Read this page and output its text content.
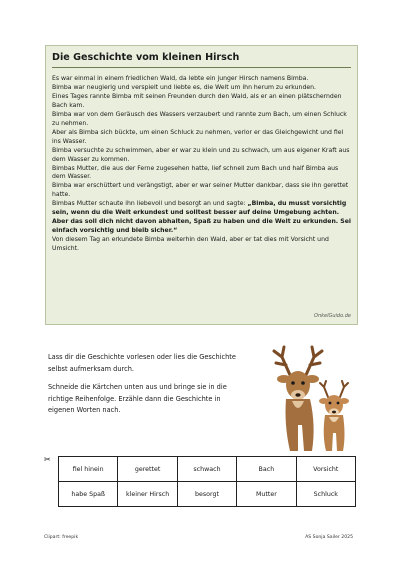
Die Geschichte vom kleinen Hirsch

Es war einmal in einem friedlichen Wald, da lebte ein junger Hirsch namens Bimba.

Bimba war neugierig und verspielt und liebte es, die Welt um ihn herum zu erkunden.

Eines Tages rannte Bimba mit seinen Freunden durch den Wald, als er an einen plätschernden Bach kam.

Bimba war von dem Geräusch des Wassers verzaubert und rannte zum Bach, um einen Schluck zu nehmen.

Aber als Bimba sich bückte, um einen Schluck zu nehmen, verlor er das Gleichgewicht und fiel ins Wasser.

Bimba versuchte zu schwimmen, aber er war zu klein und zu schwach, um aus eigener Kraft aus dem Wasser zu kommen.

Bimbas Mutter, die aus der Ferne zugesehen hatte, lief schnell zum Bach und half Bimba aus dem Wasser.

Bimba war erschüttert und verängstigt, aber er war seiner Mutter dankbar, dass sie ihn gerettet hatte.

Bimbas Mutter schaute ihn liebevoll und besorgt an und sagte: „Bimba, du musst vorsichtig sein, wenn du die Welt erkundest und solltest besser auf deine Umgebung achten. Aber das soll dich nicht davon abhalten, Spaß zu haben und die Welt zu erkunden. Sei einfach vorsichtig und bleib sicher.“

Von diesem Tag an erkundete Bimba weiterhin den Wald, aber er tat dies mit Vorsicht und Umsicht.

OnkelGuido.de

Lass dir die Geschichte vorlesen oder lies die Geschichte selbst aufmerksam durch.

Schneide die Kärtchen unten aus und bringe sie in die richtige Reihenfolge. Erzähle dann die Geschichte in eigenen Worten nach.

✂
fiel hinein	gerettet	schwach	Bach	Vorsicht
habe Spaß	kleiner Hirsch	besorgt	Mutter	Schluck
Clipart: freepik	AS Sonja Sailer 2025
